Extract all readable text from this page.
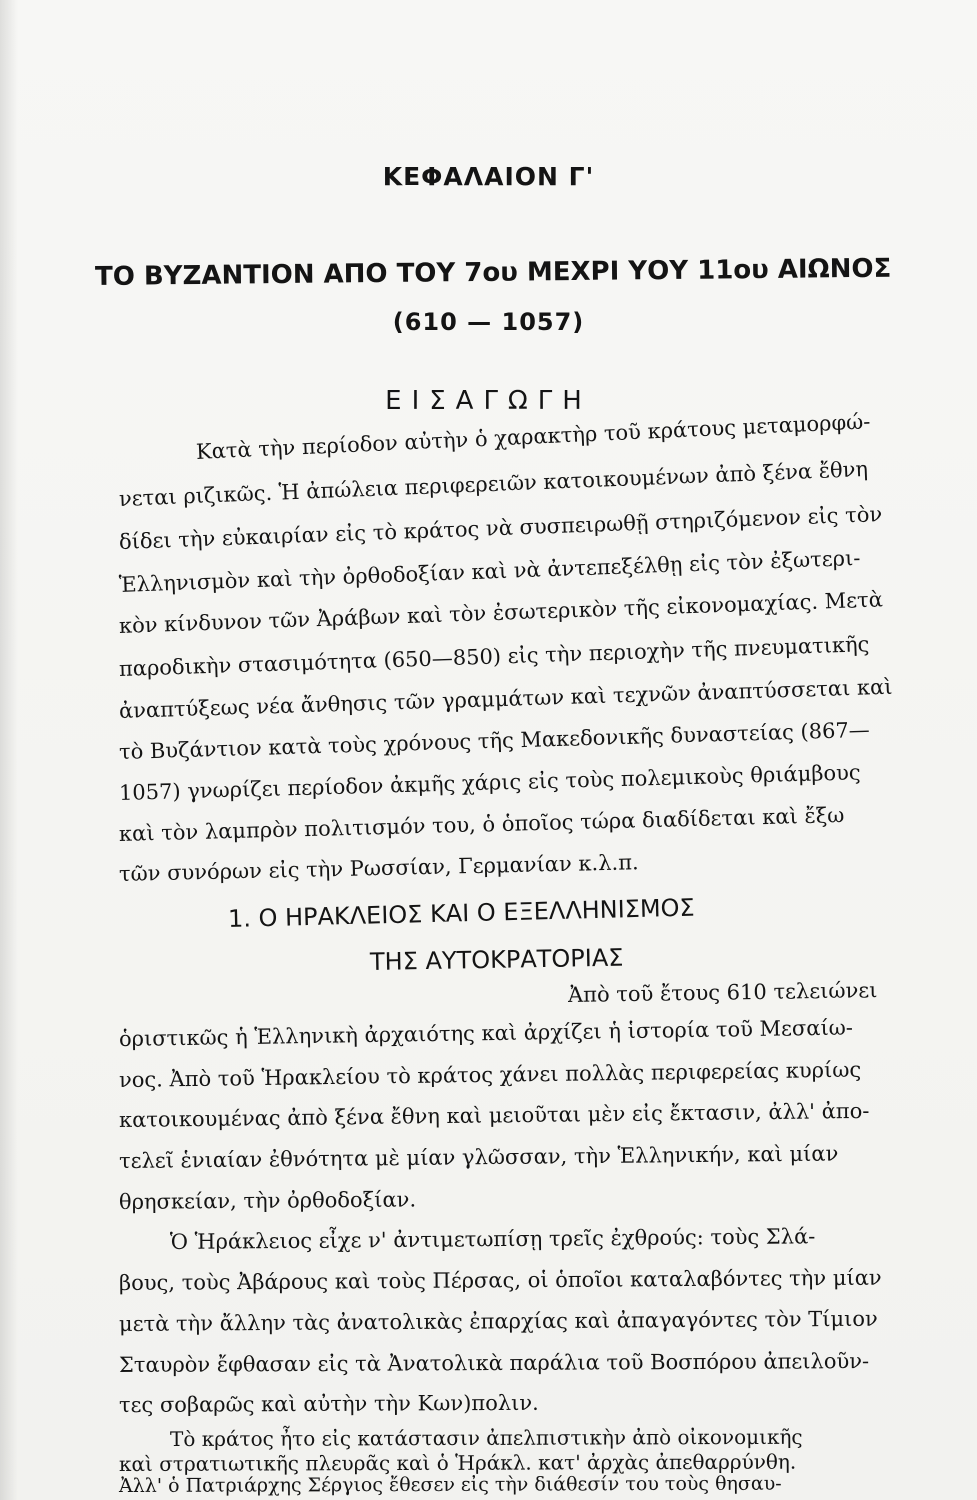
ΚΕΦΑΛΑΙΟΝ Γ'
ΤΟ ΒΥΖΑΝΤΙΟΝ ΑΠΟ ΤΟΥ 7ου ΜΕΧΡΙ ΥΟΥ 11ου ΑΙΩΝΟΣ
(610 — 1057)
ΕΙΣΑΓΩΓΗ
Κατὰ τὴν περίοδον αὐτὴν ὁ χαρακτὴρ τοῦ κράτους μεταμορφώ-
νεται ριζικῶς. Ἡ ἀπώλεια περιφερειῶν κατοικουμένων ἀπὸ ξένα ἔθνη
δίδει τὴν εὐκαιρίαν εἰς τὸ κράτος νὰ συσπειρωθῇ στηριζόμενον εἰς τὸν
Ἑλληνισμὸν καὶ τὴν ὀρθοδοξίαν καὶ νὰ ἀντεπεξέλθῃ εἰς τὸν ἐξωτερι-
κὸν κίνδυνον τῶν Ἀράβων καὶ τὸν ἐσωτερικὸν τῆς εἰκονομαχίας. Μετὰ
παροδικὴν στασιμότητα (650—850) εἰς τὴν περιοχὴν τῆς πνευματικῆς
ἀναπτύξεως νέα ἄνθησις τῶν γραμμάτων καὶ τεχνῶν ἀναπτύσσεται καὶ
τὸ Βυζάντιον κατὰ τοὺς χρόνους τῆς Μακεδονικῆς δυναστείας (867—
1057) γνωρίζει περίοδον ἀκμῆς χάρις εἰς τοὺς πολεμικοὺς θριάμβους
καὶ τὸν λαμπρὸν πολιτισμόν του, ὁ ὁποῖος τώρα διαδίδεται καὶ ἔξω
τῶν συνόρων εἰς τὴν Ρωσσίαν, Γερμανίαν κ.λ.π.
1. Ο ΗΡΑΚΛΕΙΟΣ ΚΑΙ Ο ΕΞΕΛΛΗΝΙΣΜΟΣ
ΤΗΣ ΑΥΤΟΚΡΑΤΟΡΙΑΣ
Ἀπὸ τοῦ ἔτους 610 τελειώνει
ὁριστικῶς ἡ Ἑλληνικὴ ἀρχαιότης καὶ ἀρχίζει ἡ ἱστορία τοῦ Μεσαίω-
νος. Ἀπὸ τοῦ Ἡρακλείου τὸ κράτος χάνει πολλὰς περιφερείας κυρίως
κατοικουμένας ἀπὸ ξένα ἔθνη καὶ μειοῦται μὲν εἰς ἔκτασιν, ἀλλ' ἀπο-
τελεῖ ἑνιαίαν ἐθνότητα μὲ μίαν γλῶσσαν, τὴν Ἑλληνικήν, καὶ μίαν
θρησκείαν, τὴν ὀρθοδοξίαν.
Ὁ Ἡράκλειος εἶχε ν' ἀντιμετωπίσῃ τρεῖς ἐχθρούς: τοὺς Σλά-
βους, τοὺς Ἀβάρους καὶ τοὺς Πέρσας, οἱ ὁποῖοι καταλαβόντες τὴν μίαν
μετὰ τὴν ἄλλην τὰς ἀνατολικὰς ἐπαρχίας καὶ ἀπαγαγόντες τὸν Τίμιον
Σταυρὸν ἔφθασαν εἰς τὰ Ἀνατολικὰ παράλια τοῦ Βοσπόρου ἀπειλοῦν-
τες σοβαρῶς καὶ αὐτὴν τὴν Κων)πολιν.
Τὸ κράτος ἦτο εἰς κατάστασιν ἀπελπιστικὴν ἀπὸ οἰκονομικῆς
καὶ στρατιωτικῆς πλευρᾶς καὶ ὁ Ἡράκλ. κατ' ἀρχὰς ἀπεθαρρύνθη.
Ἀλλ' ὁ Πατριάρχης Σέργιος ἔθεσεν εἰς τὴν διάθεσίν του τοὺς θησαυ-
